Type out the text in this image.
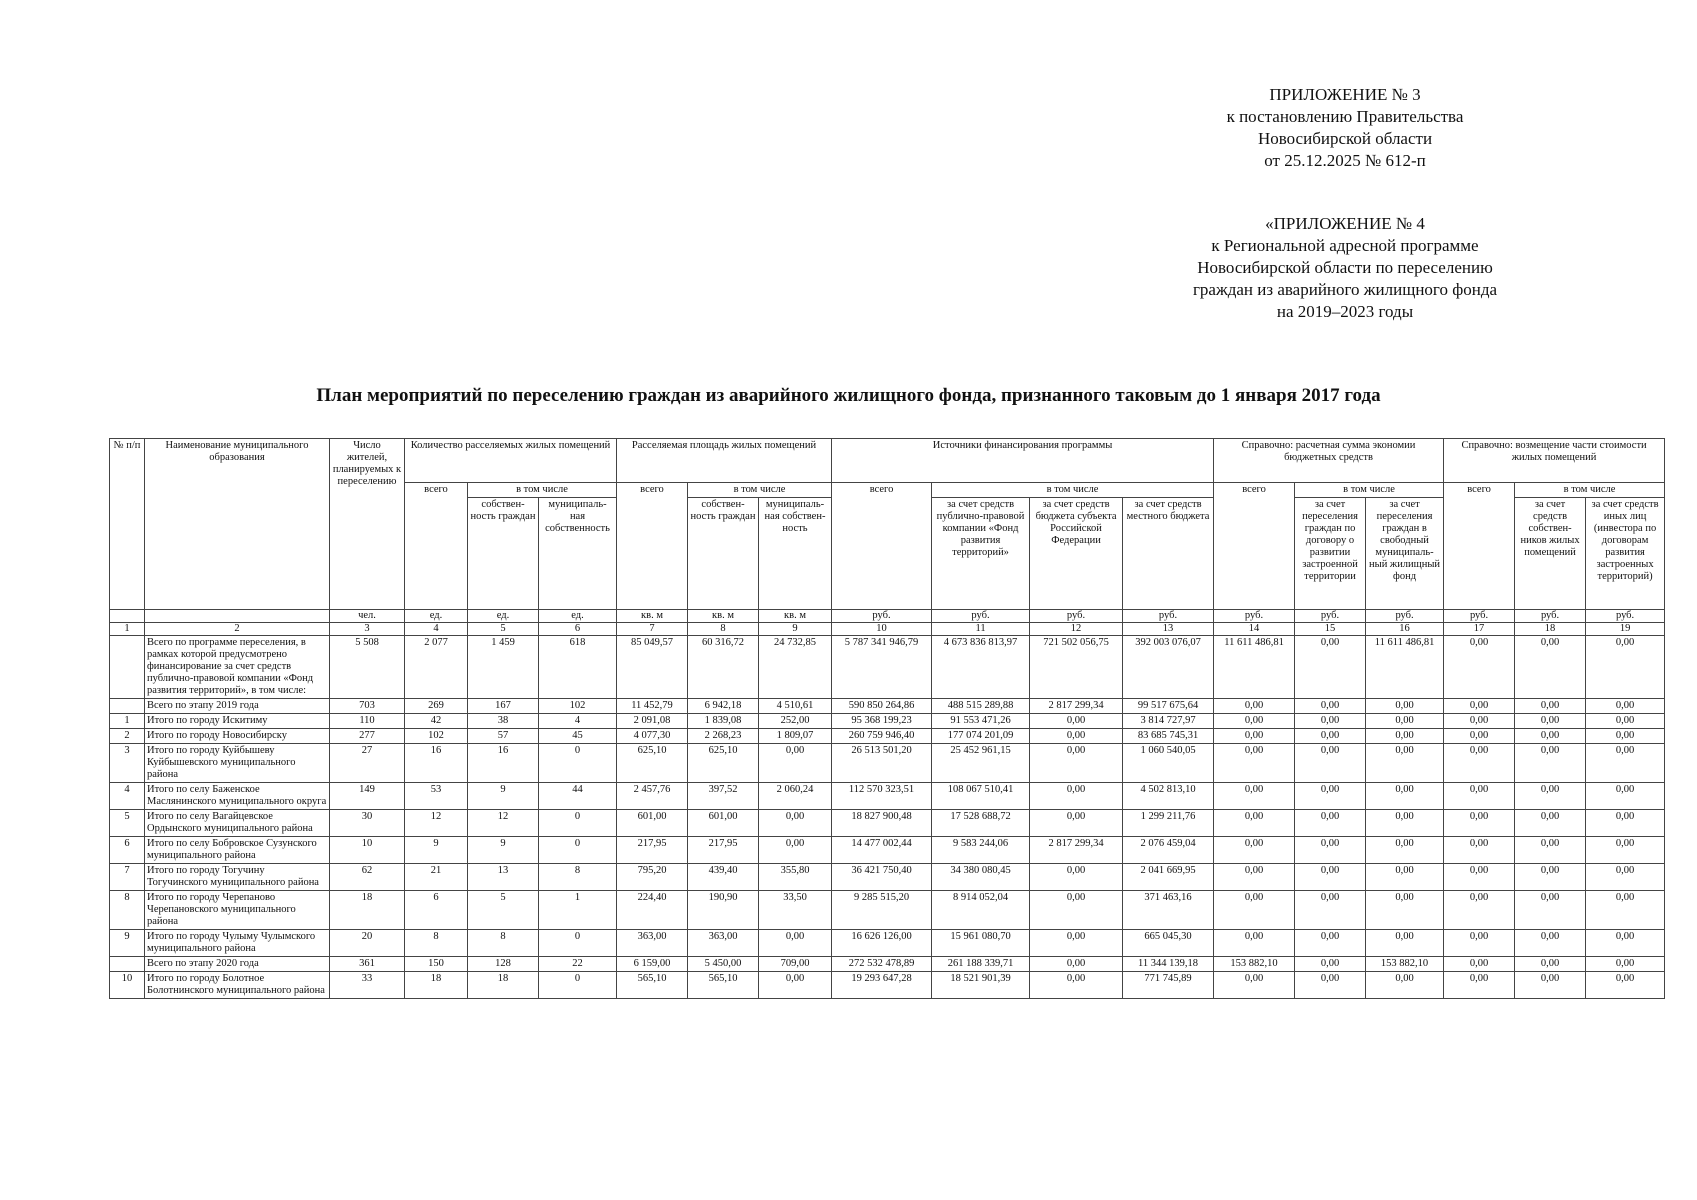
ПРИЛОЖЕНИЕ № 3
к постановлению Правительства
Новосибирской области
от 25.12.2025 № 612-п
«ПРИЛОЖЕНИЕ № 4
к Региональной адресной программе
Новосибирской области по переселению
граждан из аварийного жилищного фонда
на 2019–2023 годы
План мероприятий по переселению граждан из аварийного жилищного фонда, признанного таковым до 1 января 2017 года
№ п/п	Наименование муниципального образования	Число жителей, планируемых к переселению	Количество расселяемых жилых помещений			Расселяемая площадь жилых помещений			Источники финансирования программы				Справочно: расчетная сумма экономии бюджетных средств			Справочно: возмещение части стоимости жилых помещений		
			всего	в том числе		всего	в том числе		всего	в том числе			всего	в том числе		всего	в том числе	
				собствен-ность граждан	муниципаль-ная собственность		собствен-ность граждан	муниципаль-ная собствен-ность		за счет средств публично-правовой компании «Фонд развития территорий»	за счет средств бюджета субъекта Российской Федерации	за счет средств местного бюджета		за счет переселения граждан по договору о развитии застроенной территории	за счет переселения граждан в свободный муниципаль-ный жилищный фонд		за счет средств собствен-ников жилых помещений	за счет средств иных лиц (инвестора по договорам развития застроенных территорий)
		чел.	ед.	ед.	ед.	кв. м	кв. м	кв. м	руб.	руб.	руб.	руб.	руб.	руб.	руб.	руб.	руб.	руб.
1	2	3	4	5	6	7	8	9	10	11	12	13	14	15	16	17	18	19
	Всего по программе переселения, в рамках которой предусмотрено финансирование за счет средств публично-правовой компании «Фонд развития территорий», в том числе:	5 508	2 077	1 459	618	85 049,57	60 316,72	24 732,85	5 787 341 946,79	4 673 836 813,97	721 502 056,75	392 003 076,07	11 611 486,81	0,00	11 611 486,81	0,00	0,00	0,00
	Всего по этапу 2019 года	703	269	167	102	11 452,79	6 942,18	4 510,61	590 850 264,86	488 515 289,88	2 817 299,34	99 517 675,64	0,00	0,00	0,00	0,00	0,00	0,00
1	Итого по городу Искитиму	110	42	38	4	2 091,08	1 839,08	252,00	95 368 199,23	91 553 471,26	0,00	3 814 727,97	0,00	0,00	0,00	0,00	0,00	0,00
2	Итого по городу Новосибирску	277	102	57	45	4 077,30	2 268,23	1 809,07	260 759 946,40	177 074 201,09	0,00	83 685 745,31	0,00	0,00	0,00	0,00	0,00	0,00
3	Итого по городу Куйбышеву Куйбышевского муниципального района	27	16	16	0	625,10	625,10	0,00	26 513 501,20	25 452 961,15	0,00	1 060 540,05	0,00	0,00	0,00	0,00	0,00	0,00
4	Итого по селу Баженское Маслянинского муниципального округа	149	53	9	44	2 457,76	397,52	2 060,24	112 570 323,51	108 067 510,41	0,00	4 502 813,10	0,00	0,00	0,00	0,00	0,00	0,00
5	Итого по селу Вагайцевское Ордынского муниципального района	30	12	12	0	601,00	601,00	0,00	18 827 900,48	17 528 688,72	0,00	1 299 211,76	0,00	0,00	0,00	0,00	0,00	0,00
6	Итого по селу Бобровское Сузунского муниципального района	10	9	9	0	217,95	217,95	0,00	14 477 002,44	9 583 244,06	2 817 299,34	2 076 459,04	0,00	0,00	0,00	0,00	0,00	0,00
7	Итого по городу Тогучину Тогучинского муниципального района	62	21	13	8	795,20	439,40	355,80	36 421 750,40	34 380 080,45	0,00	2 041 669,95	0,00	0,00	0,00	0,00	0,00	0,00
8	Итого по городу Черепаново Черепановского муниципального района	18	6	5	1	224,40	190,90	33,50	9 285 515,20	8 914 052,04	0,00	371 463,16	0,00	0,00	0,00	0,00	0,00	0,00
9	Итого по городу Чулыму Чулымского муниципального района	20	8	8	0	363,00	363,00	0,00	16 626 126,00	15 961 080,70	0,00	665 045,30	0,00	0,00	0,00	0,00	0,00	0,00
	Всего по этапу 2020 года	361	150	128	22	6 159,00	5 450,00	709,00	272 532 478,89	261 188 339,71	0,00	11 344 139,18	153 882,10	0,00	153 882,10	0,00	0,00	0,00
10	Итого по городу Болотное Болотнинского муниципального района	33	18	18	0	565,10	565,10	0,00	19 293 647,28	18 521 901,39	0,00	771 745,89	0,00	0,00	0,00	0,00	0,00	0,00
